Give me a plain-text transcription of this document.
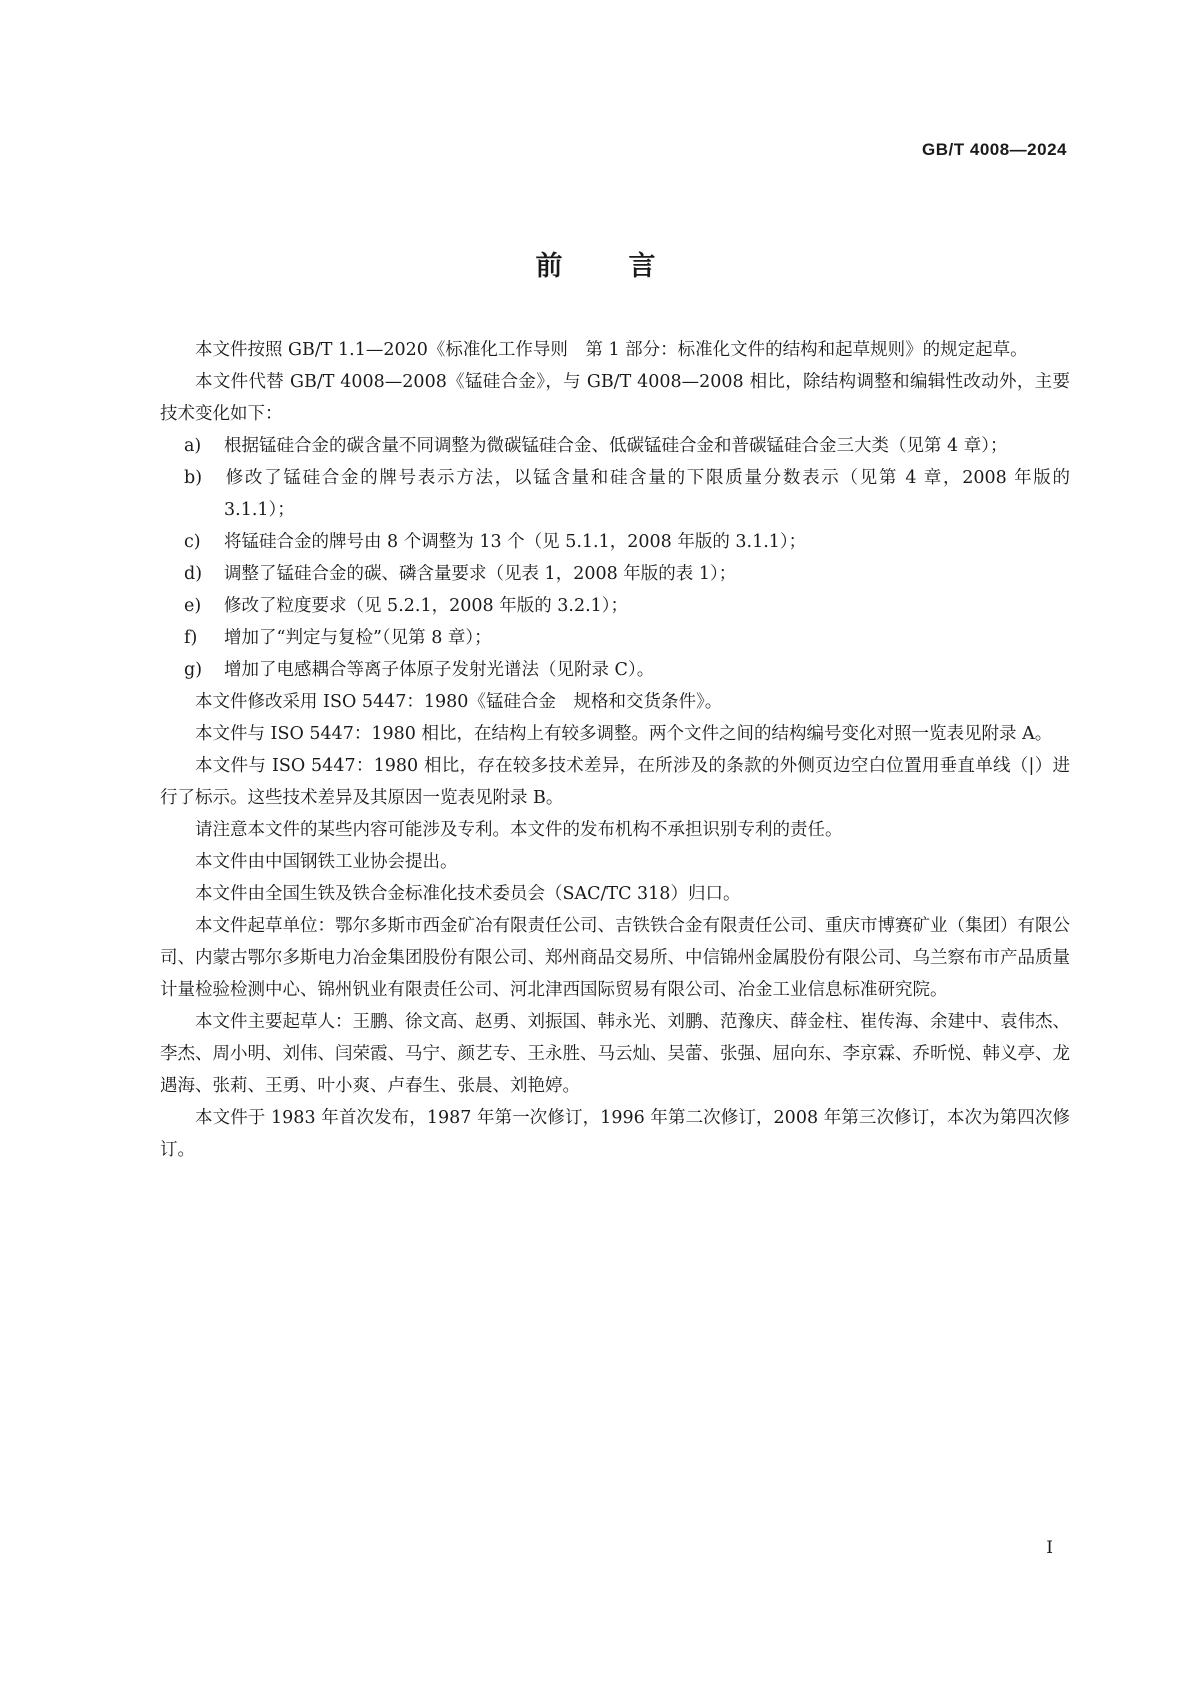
GB/T 4008—2024
前 言

本文件按照 GB/T 1.1—2020《标准化工作导则　第 1 部分：标准化文件的结构和起草规则》的规定起草。

本文件代替 GB/T 4008—2008《锰硅合金》，与 GB/T 4008—2008 相比，除结构调整和编辑性改动外，主要技术变化如下：

a) 根据锰硅合金的碳含量不同调整为微碳锰硅合金、低碳锰硅合金和普碳锰硅合金三大类（见第 4 章）；

b) 修改了锰硅合金的牌号表示方法，以锰含量和硅含量的下限质量分数表示（见第 4 章，2008 年版的 3.1.1）；

c) 将锰硅合金的牌号由 8 个调整为 13 个（见 5.1.1，2008 年版的 3.1.1）；

d) 调整了锰硅合金的碳、磷含量要求（见表 1，2008 年版的表 1）；

e) 修改了粒度要求（见 5.2.1，2008 年版的 3.2.1）；

f) 增加了“判定与复检”（见第 8 章）；

g) 增加了电感耦合等离子体原子发射光谱法（见附录 C）。

本文件修改采用 ISO 5447：1980《锰硅合金　规格和交货条件》。

本文件与 ISO 5447：1980 相比，在结构上有较多调整。两个文件之间的结构编号变化对照一览表见附录 A。

本文件与 ISO 5447：1980 相比，存在较多技术差异，在所涉及的条款的外侧页边空白位置用垂直单线（|）进行了标示。这些技术差异及其原因一览表见附录 B。

请注意本文件的某些内容可能涉及专利。本文件的发布机构不承担识别专利的责任。

本文件由中国钢铁工业协会提出。

本文件由全国生铁及铁合金标准化技术委员会（SAC/TC 318）归口。

本文件起草单位：鄂尔多斯市西金矿冶有限责任公司、吉铁铁合金有限责任公司、重庆市博赛矿业（集团）有限公司、内蒙古鄂尔多斯电力冶金集团股份有限公司、郑州商品交易所、中信锦州金属股份有限公司、乌兰察布市产品质量计量检验检测中心、锦州钒业有限责任公司、河北津西国际贸易有限公司、冶金工业信息标准研究院。

本文件主要起草人：王鹏、徐文高、赵勇、刘振国、韩永光、刘鹏、范豫庆、薛金柱、崔传海、余建中、袁伟杰、李杰、周小明、刘伟、闫荣霞、马宁、颜艺专、王永胜、马云灿、吴蕾、张强、屈向东、李京霖、乔昕悦、韩义亭、龙遇海、张莉、王勇、叶小爽、卢春生、张晨、刘艳婷。

本文件于 1983 年首次发布，1987 年第一次修订，1996 年第二次修订，2008 年第三次修订，本次为第四次修订。

I
